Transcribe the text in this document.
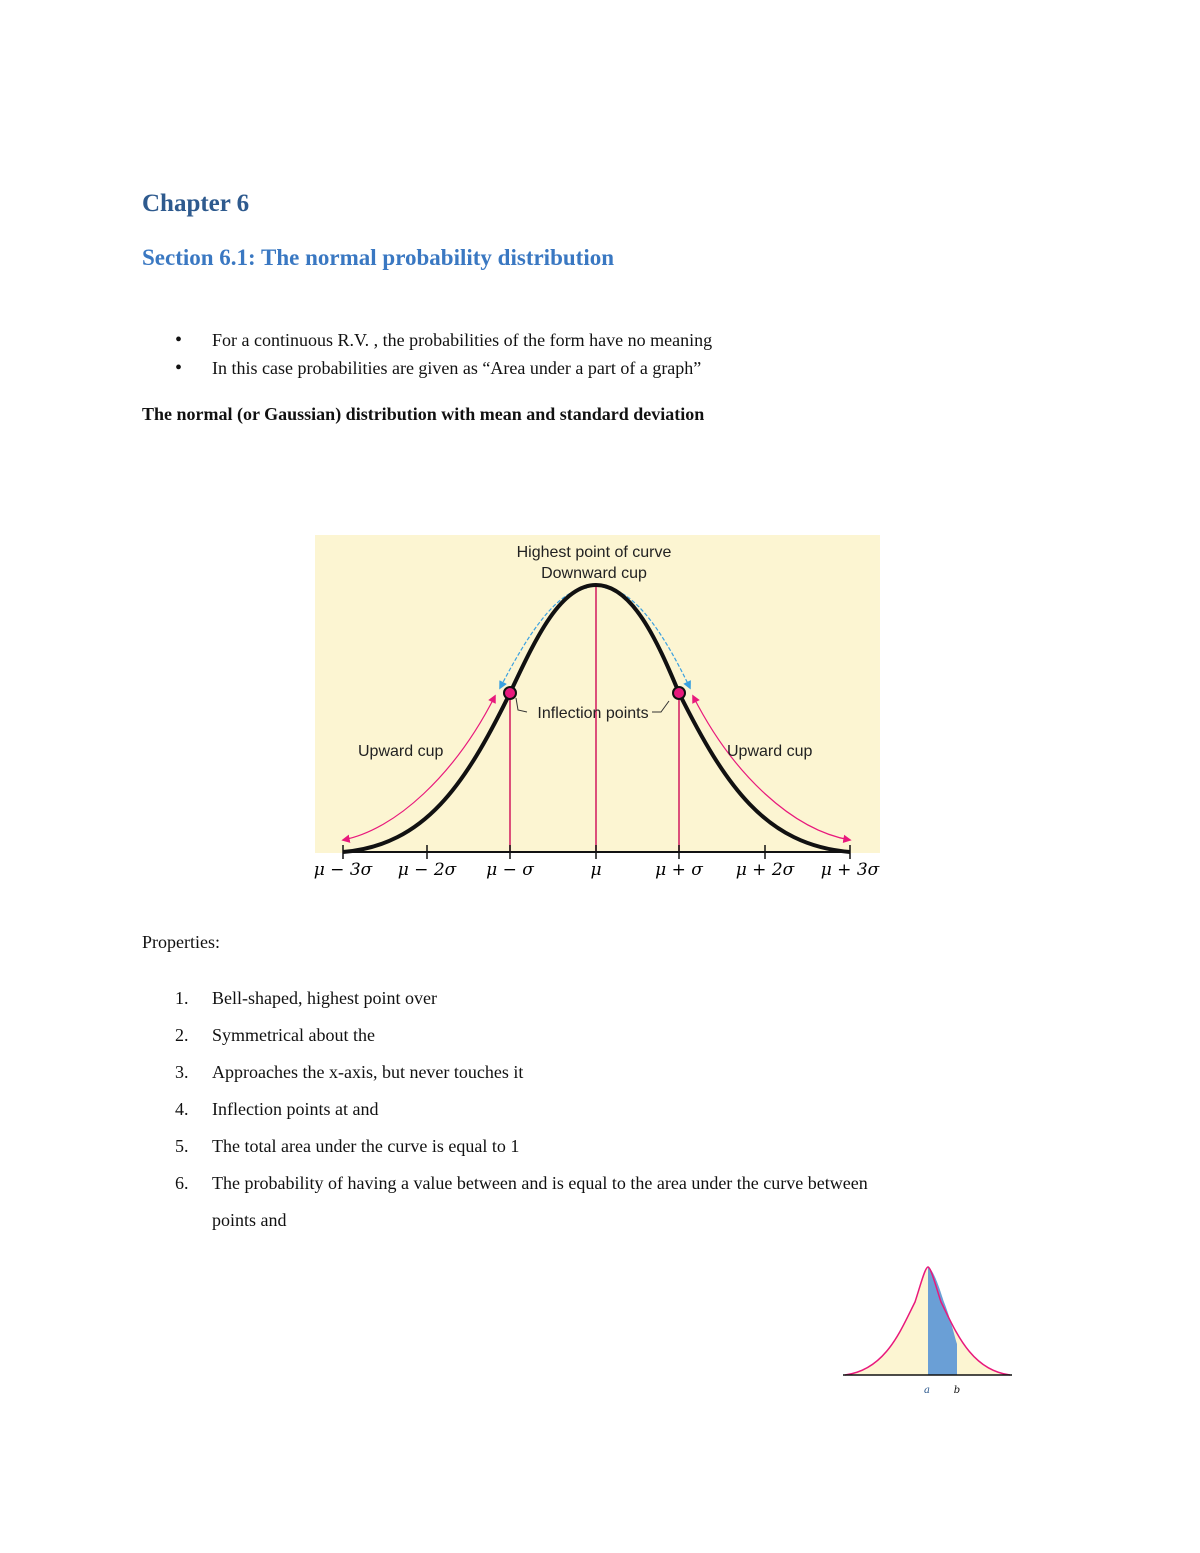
Chapter 6
Section 6.1: The normal probability distribution
• For a continuous R.V. , the probabilities of the form have no meaning
• In this case probabilities are given as “Area under a part of a graph”
The normal (or Gaussian) distribution with mean and standard deviation
Highest point of curve
Downward cup
Inflection points
Upward cup	Upward cup
μ − 3σ μ − 2σ μ − σ	μ	μ + σ μ + 2σ μ + 3σ
Properties:
1. Bell-shaped, highest point over
2. Symmetrical about the
3. Approaches the x-axis, but never touches it
4. Inflection points at and
5. The total area under the curve is equal to 1
6. The probability of having a value between and is equal to the area under the curve between
points and
a b
